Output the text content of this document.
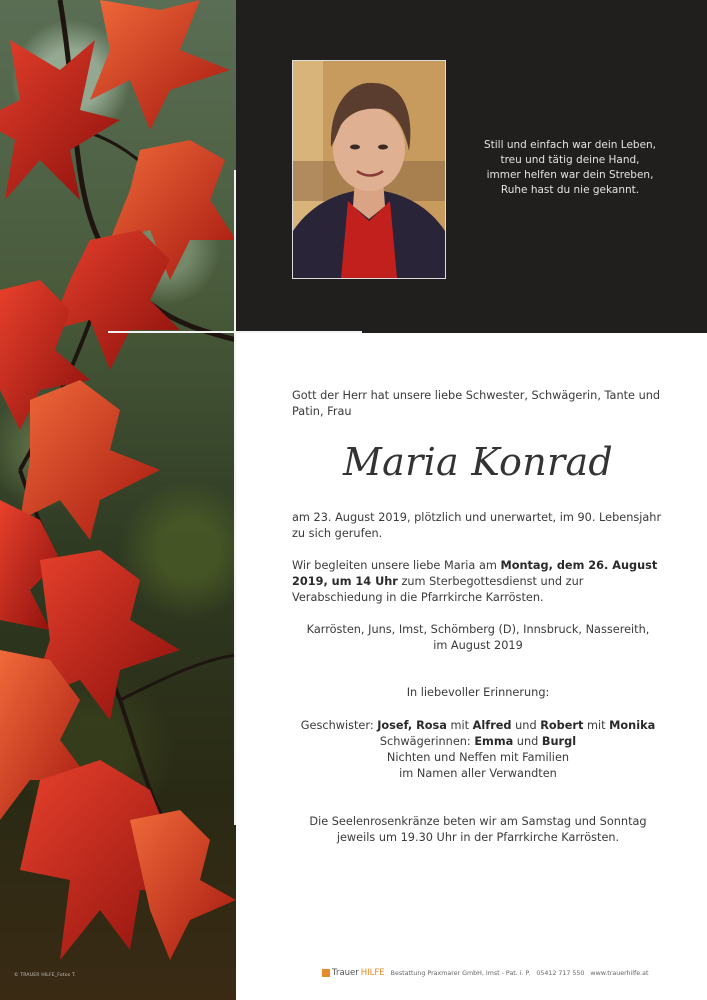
© TRAUER HILFE_Fotos T.
Still und einfach war dein Leben,
treu und tätig deine Hand,
immer helfen war dein Streben,
Ruhe hast du nie gekannt.
Gott der Herr hat unsere liebe Schwester, Schwägerin, Tante und Patin, Frau
Maria Konrad
am 23. August 2019, plötzlich und unerwartet, im 90. Lebensjahr zu sich gerufen.
Wir begleiten unsere liebe Maria am Montag, dem 26. August 2019, um 14 Uhr zum Sterbegottesdienst und zur Verabschiedung in die Pfarrkirche Karrösten.
Karrösten, Juns, Imst, Schömberg (D), Innsbruck, Nassereith,
im August 2019
In liebevoller Erinnerung:
Geschwister: Josef, Rosa mit Alfred und Robert mit Monika
Schwägerinnen: Emma und Burgl
Nichten und Neffen mit Familien
im Namen aller Verwandten
Die Seelenrosenkränze beten wir am Samstag und Sonntag
jeweils um 19.30 Uhr in der Pfarrkirche Karrösten.
Trauer HILFE Bestattung Praxmarer GmbH, Imst - Pat. i. P. 05412 717 550 www.trauerhilfe.at
